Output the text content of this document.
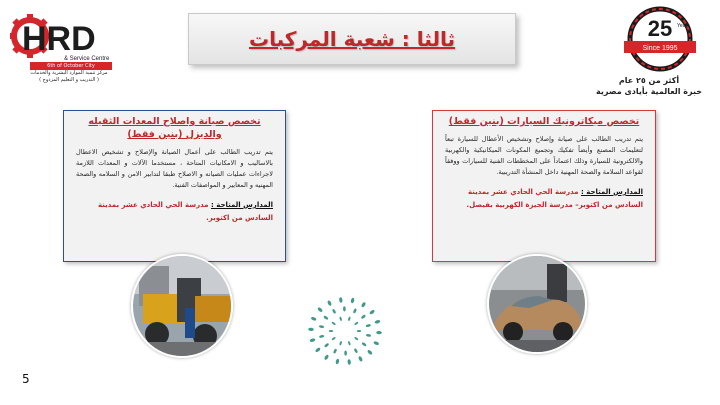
ثالثا : شعبة المركبات
HRD
& Service Centre
6th of October City
مركز تنمية الموارد البشرية والخدمات
( التدريب و التعليم المزدوج )
25 Years
Since 1995
أكثر من ٢٥ عام
خبرة العالمية بأيادى مصرية
تخصص صيانة واصلاح المعدات الثقيله والديزل (بنين فقط)
يتم تدريب الطالب على أعمال الصيانة والإصلاح و تشخيص الاعطال بالاساليب و الامكانيات المتاحة ، مستخدما الآلات و المعدات اللازمة لاجراءات عمليات الصيانه و الاصلاح طبقا لتدابير الامن و السلامه والصحة المهنيه و المعايير و المواصفات الفنية.
المدارس المتاحة : مدرسة الحي الحادي عشر بمدينة السادس من اكتوبر.
تخصص ميكاترونيك السيارات (بنين فقط)
يتم تدريب الطالب على صيانة وإصلاح وتشخيص الأعطال للسيارة تبعاً لتعليمات المصنع وأيضاً تفكيك وتجميع المكونات الميكانيكية والكهربية والالكترونية للسيارة وذلك اعتماداً على المخططات الفنية للسيارات ووفقاً لقواعد السلامة والصحة المهنية داخل المنشأة التدريبية.
المدارس المتاحة : مدرسة الحي الحادي عشر بمدينة السادس من اكتوبر– مدرسة الجيزة الكهربية بفيصل.
5
